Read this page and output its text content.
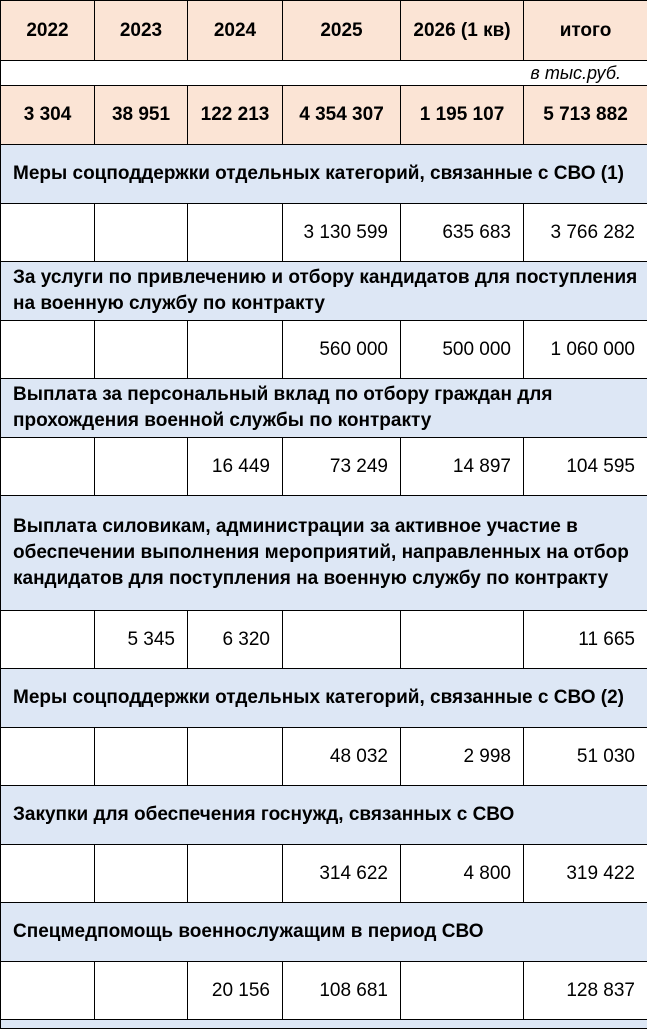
2022	2023	2024	2025	2026 (1 кв)	итого
в тыс.руб.					
3 304	38 951	122 213	4 354 307	1 195 107	5 713 882
Меры соцподдержки отдельных категорий, связанные с СВО (1)					
			3 130 599	635 683	3 766 282
За услуги по привлечению и отбору кандидатов для поступления на военную службу по контракту					
			560 000	500 000	1 060 000
Выплата за персональный вклад по отбору граждан для прохождения военной службы по контракту					
		16 449	73 249	14 897	104 595
Выплата силовикам, администрации за активное участие в обеспечении выполнения мероприятий, направленных на отбор кандидатов для поступления на военную службу по контракту					
	5 345	6 320			11 665
Меры соцподдержки отдельных категорий, связанные с СВО (2)					
			48 032	2 998	51 030
Закупки для обеспечения госнужд, связанных с СВО					
			314 622	4 800	319 422
Спецмедпомощь военнослужащим в период СВО					
		20 156	108 681		128 837
